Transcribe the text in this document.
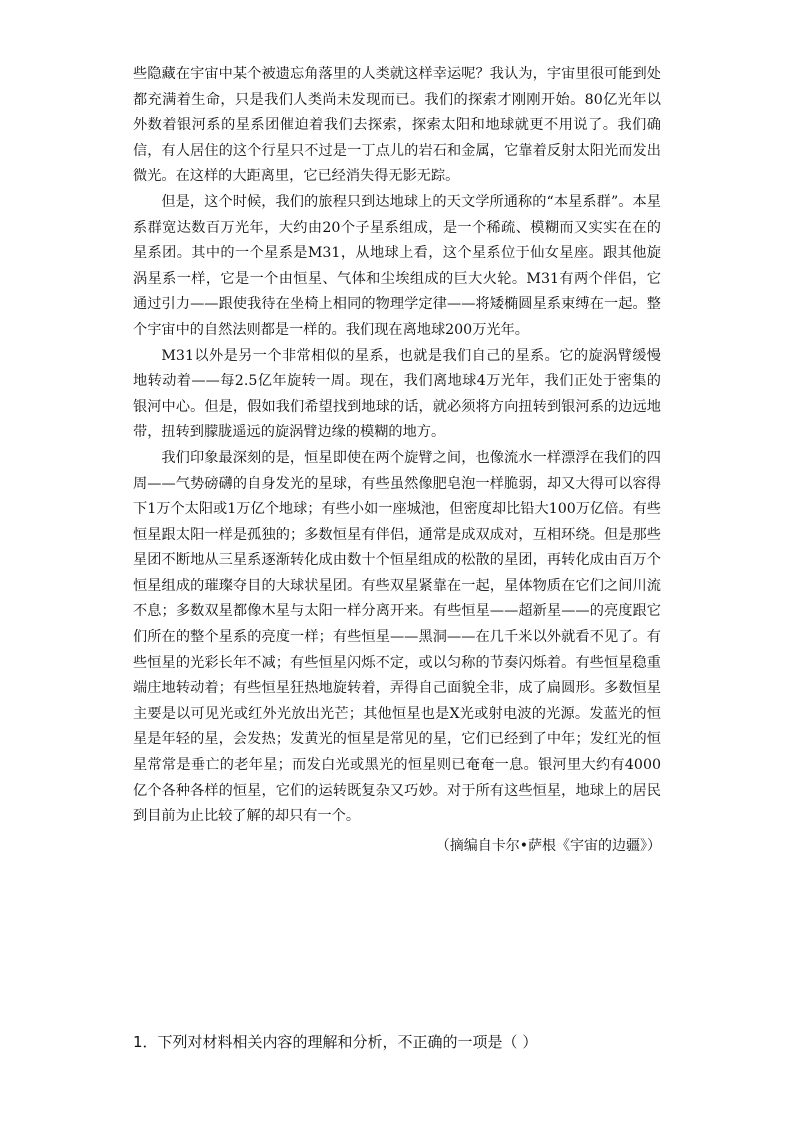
些隐藏在宇宙中某个被遗忘角落里的人类就这样幸运呢？我认为，宇宙里很可能到处都充满着生命，只是我们人类尚未发现而已。我们的探索才刚刚开始。80亿光年以外数着银河系的星系团催迫着我们去探索，探索太阳和地球就更不用说了。我们确信，有人居住的这个行星只不过是一丁点儿的岩石和金属，它靠着反射太阳光而发出微光。在这样的大距离里，它已经消失得无影无踪。

但是，这个时候，我们的旅程只到达地球上的天文学所通称的“本星系群”。本星系群宽达数百万光年，大约由20个子星系组成，是一个稀疏、模糊而又实实在在的星系团。其中的一个星系是M31，从地球上看，这个星系位于仙女星座。跟其他旋涡星系一样，它是一个由恒星、气体和尘埃组成的巨大火轮。M31有两个伴侣，它通过引力——跟使我待在坐椅上相同的物理学定律——将矮椭圆星系束缚在一起。整个宇宙中的自然法则都是一样的。我们现在离地球200万光年。

M31以外是另一个非常相似的星系，也就是我们自己的星系。它的旋涡臂缓慢地转动着——每2.5亿年旋转一周。现在，我们离地球4万光年，我们正处于密集的银河中心。但是，假如我们希望找到地球的话，就必须将方向扭转到银河系的边远地带，扭转到朦胧遥远的旋涡臂边缘的模糊的地方。

我们印象最深刻的是，恒星即使在两个旋臂之间，也像流水一样漂浮在我们的四周——气势磅礴的自身发光的星球，有些虽然像肥皂泡一样脆弱，却又大得可以容得下1万个太阳或1万亿个地球；有些小如一座城池，但密度却比铅大100万亿倍。有些恒星跟太阳一样是孤独的；多数恒星有伴侣，通常是成双成对，互相环绕。但是那些星团不断地从三星系逐渐转化成由数十个恒星组成的松散的星团，再转化成由百万个恒星组成的璀璨夺目的大球状星团。有些双星紧靠在一起，星体物质在它们之间川流不息；多数双星都像木星与太阳一样分离开来。有些恒星——超新星——的亮度跟它们所在的整个星系的亮度一样；有些恒星——黑洞——在几千米以外就看不见了。有些恒星的光彩长年不减；有些恒星闪烁不定，或以匀称的节奏闪烁着。有些恒星稳重端庄地转动着；有些恒星狂热地旋转着，弄得自己面貌全非，成了扁圆形。多数恒星主要是以可见光或红外光放出光芒；其他恒星也是X光或射电波的光源。发蓝光的恒星是年轻的星，会发热；发黄光的恒星是常见的星，它们已经到了中年；发红光的恒星常常是垂亡的老年星；而发白光或黑光的恒星则已奄奄一息。银河里大约有4000亿个各种各样的恒星，它们的运转既复杂又巧妙。对于所有这些恒星，地球上的居民到目前为止比较了解的却只有一个。

（摘编自卡尔•萨根《宇宙的边疆》）

1．下列对材料相关内容的理解和分析，不正确的一项是（ ）
